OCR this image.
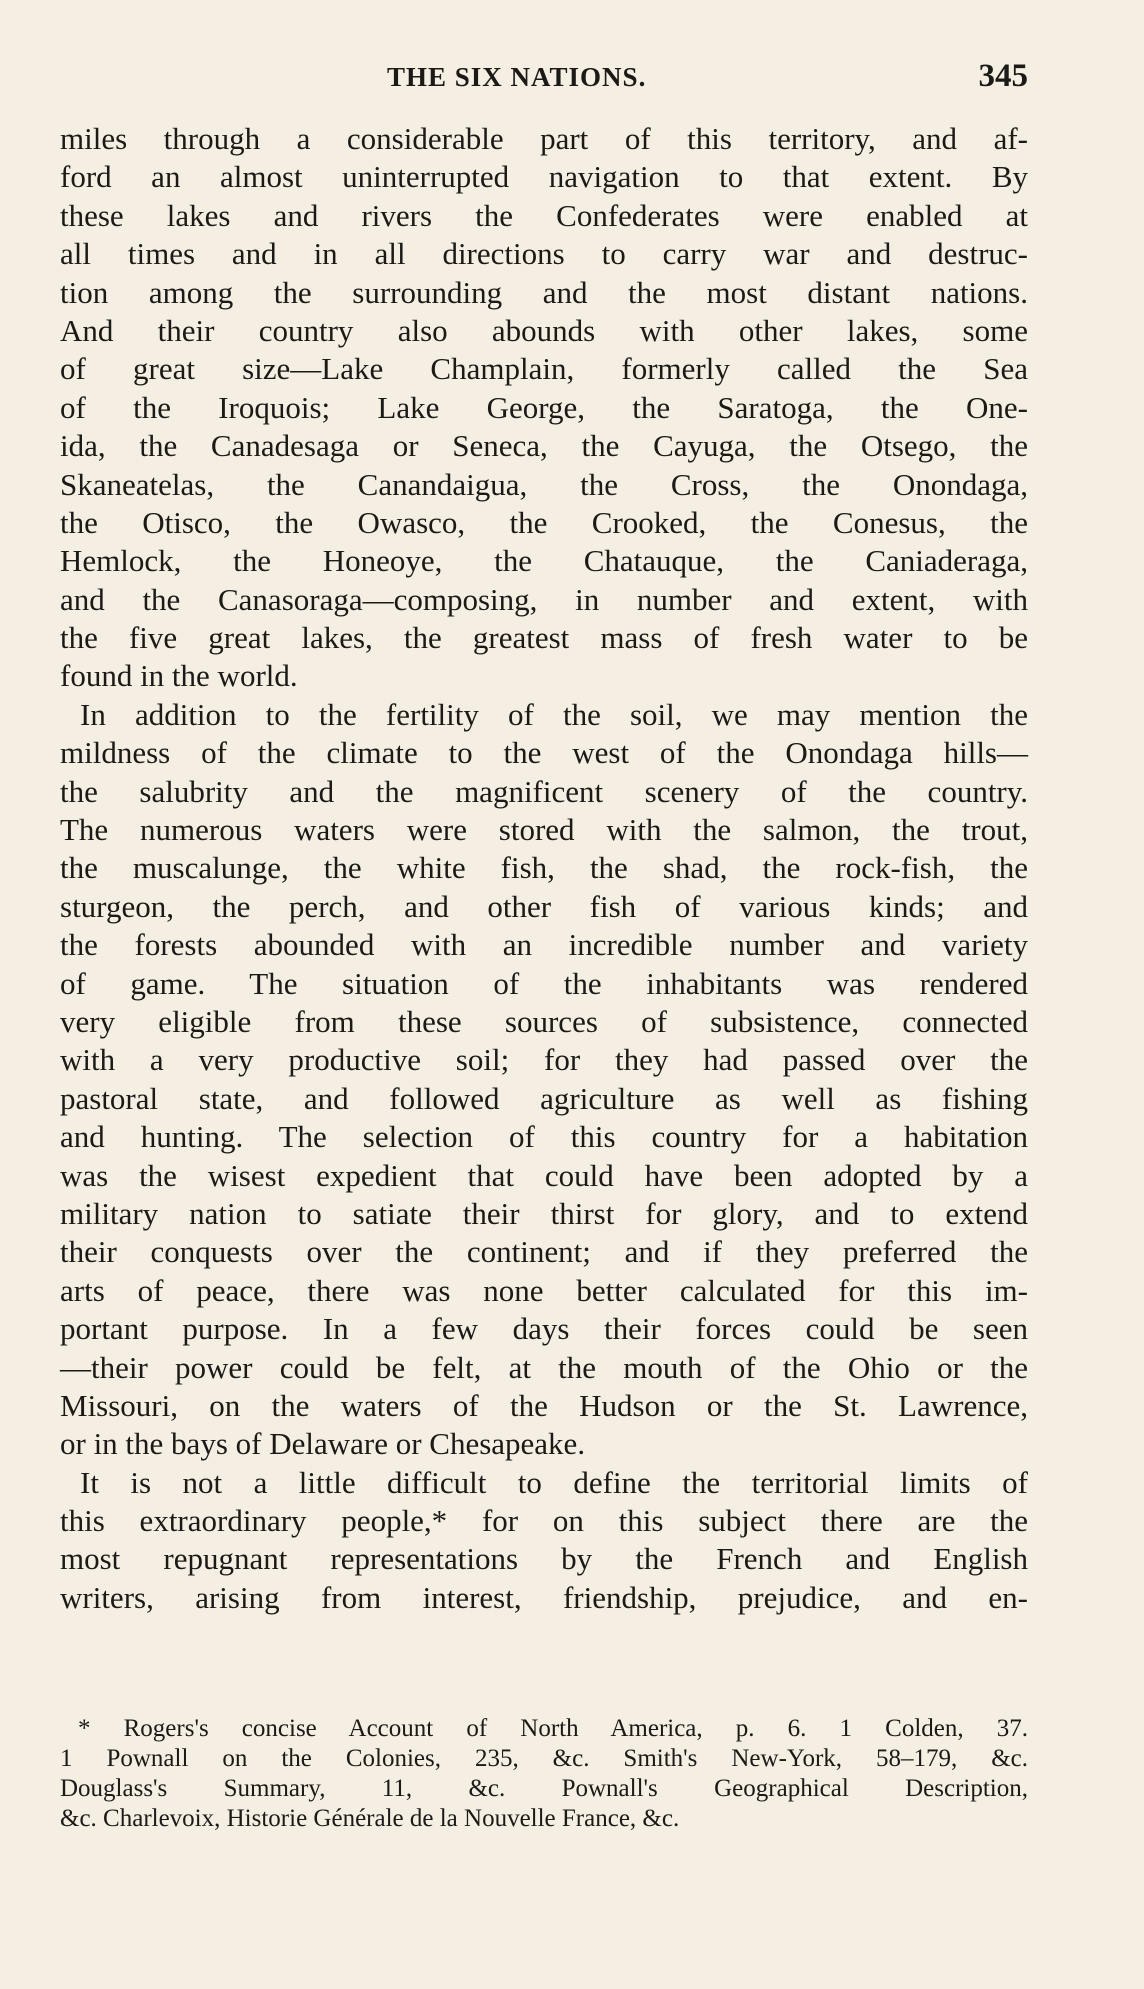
THE SIX NATIONS.	345
miles through a considerable part of this territory, and af-
ford an almost uninterrupted navigation to that extent. By
these lakes and rivers the Confederates were enabled at
all times and in all directions to carry war and destruc-
tion among the surrounding and the most distant nations.
And their country also abounds with other lakes, some
of great size—Lake Champlain, formerly called the Sea
of the Iroquois; Lake George, the Saratoga, the One-
ida, the Canadesaga or Seneca, the Cayuga, the Otsego, the
Skaneatelas, the Canandaigua, the Cross, the Onondaga,
the Otisco, the Owasco, the Crooked, the Conesus, the
Hemlock, the Honeoye, the Chatauque, the Caniaderaga,
and the Canasoraga—composing, in number and extent, with
the five great lakes, the greatest mass of fresh water to be
found in the world.
In addition to the fertility of the soil, we may mention the
mildness of the climate to the west of the Onondaga hills—
the salubrity and the magnificent scenery of the country.
The numerous waters were stored with the salmon, the trout,
the muscalunge, the white fish, the shad, the rock-fish, the
sturgeon, the perch, and other fish of various kinds; and
the forests abounded with an incredible number and variety
of game. The situation of the inhabitants was rendered
very eligible from these sources of subsistence, connected
with a very productive soil; for they had passed over the
pastoral state, and followed agriculture as well as fishing
and hunting. The selection of this country for a habitation
was the wisest expedient that could have been adopted by a
military nation to satiate their thirst for glory, and to extend
their conquests over the continent; and if they preferred the
arts of peace, there was none better calculated for this im-
portant purpose. In a few days their forces could be seen
—their power could be felt, at the mouth of the Ohio or the
Missouri, on the waters of the Hudson or the St. Lawrence,
or in the bays of Delaware or Chesapeake.
It is not a little difficult to define the territorial limits of
this extraordinary people,* for on this subject there are the
most repugnant representations by the French and English
writers, arising from interest, friendship, prejudice, and en-
* Rogers's concise Account of North America, p. 6. 1 Colden, 37.
1 Pownall on the Colonies, 235, &c. Smith's New-York, 58–179, &c.
Douglass's Summary, 11, &c. Pownall's Geographical Description,
&c. Charlevoix, Historie Générale de la Nouvelle France, &c.
